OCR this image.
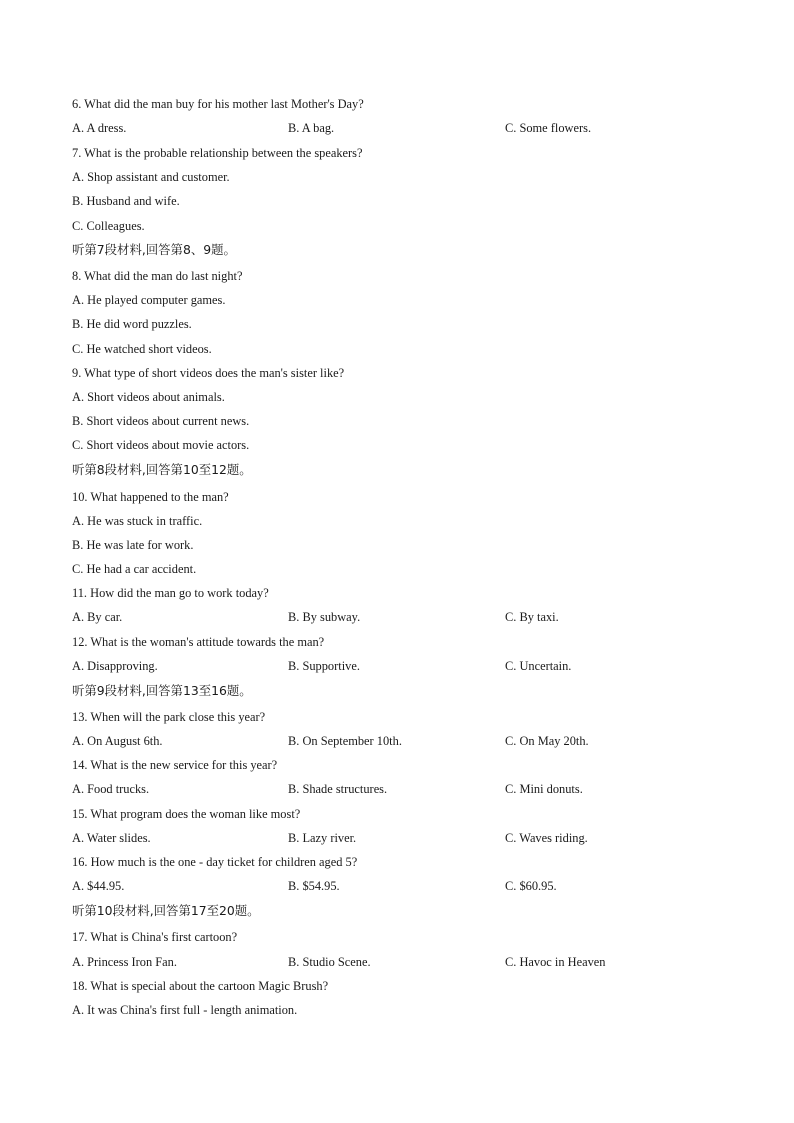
6. What did the man buy for his mother last Mother's Day?
A. A dress.	B. A bag.	C. Some flowers.
7. What is the probable relationship between the speakers?
A. Shop assistant and customer.
B. Husband and wife.
C. Colleagues.
听第7段材料,回答第8、9题。
8. What did the man do last night?
A. He played computer games.
B. He did word puzzles.
C. He watched short videos.
9. What type of short videos does the man's sister like?
A. Short videos about animals.
B. Short videos about current news.
C. Short videos about movie actors.
听第8段材料,回答第10至12题。
10. What happened to the man?
A. He was stuck in traffic.
B. He was late for work.
C. He had a car accident.
11. How did the man go to work today?
A. By car.	B. By subway.	C. By taxi.
12. What is the woman's attitude towards the man?
A. Disapproving.	B. Supportive.	C. Uncertain.
听第9段材料,回答第13至16题。
13. When will the park close this year?
A. On August 6th.	B. On September 10th.	C. On May 20th.
14. What is the new service for this year?
A. Food trucks.	B. Shade structures.	C. Mini donuts.
15. What program does the woman like most?
A. Water slides.	B. Lazy river.	C. Waves riding.
16. How much is the one - day ticket for children aged 5?
A. $44.95.	B. $54.95.	C. $60.95.
听第10段材料,回答第17至20题。
17. What is China's first cartoon?
A. Princess Iron Fan.	B. Studio Scene.	C. Havoc in Heaven
18. What is special about the cartoon Magic Brush?
A. It was China's first full - length animation.
